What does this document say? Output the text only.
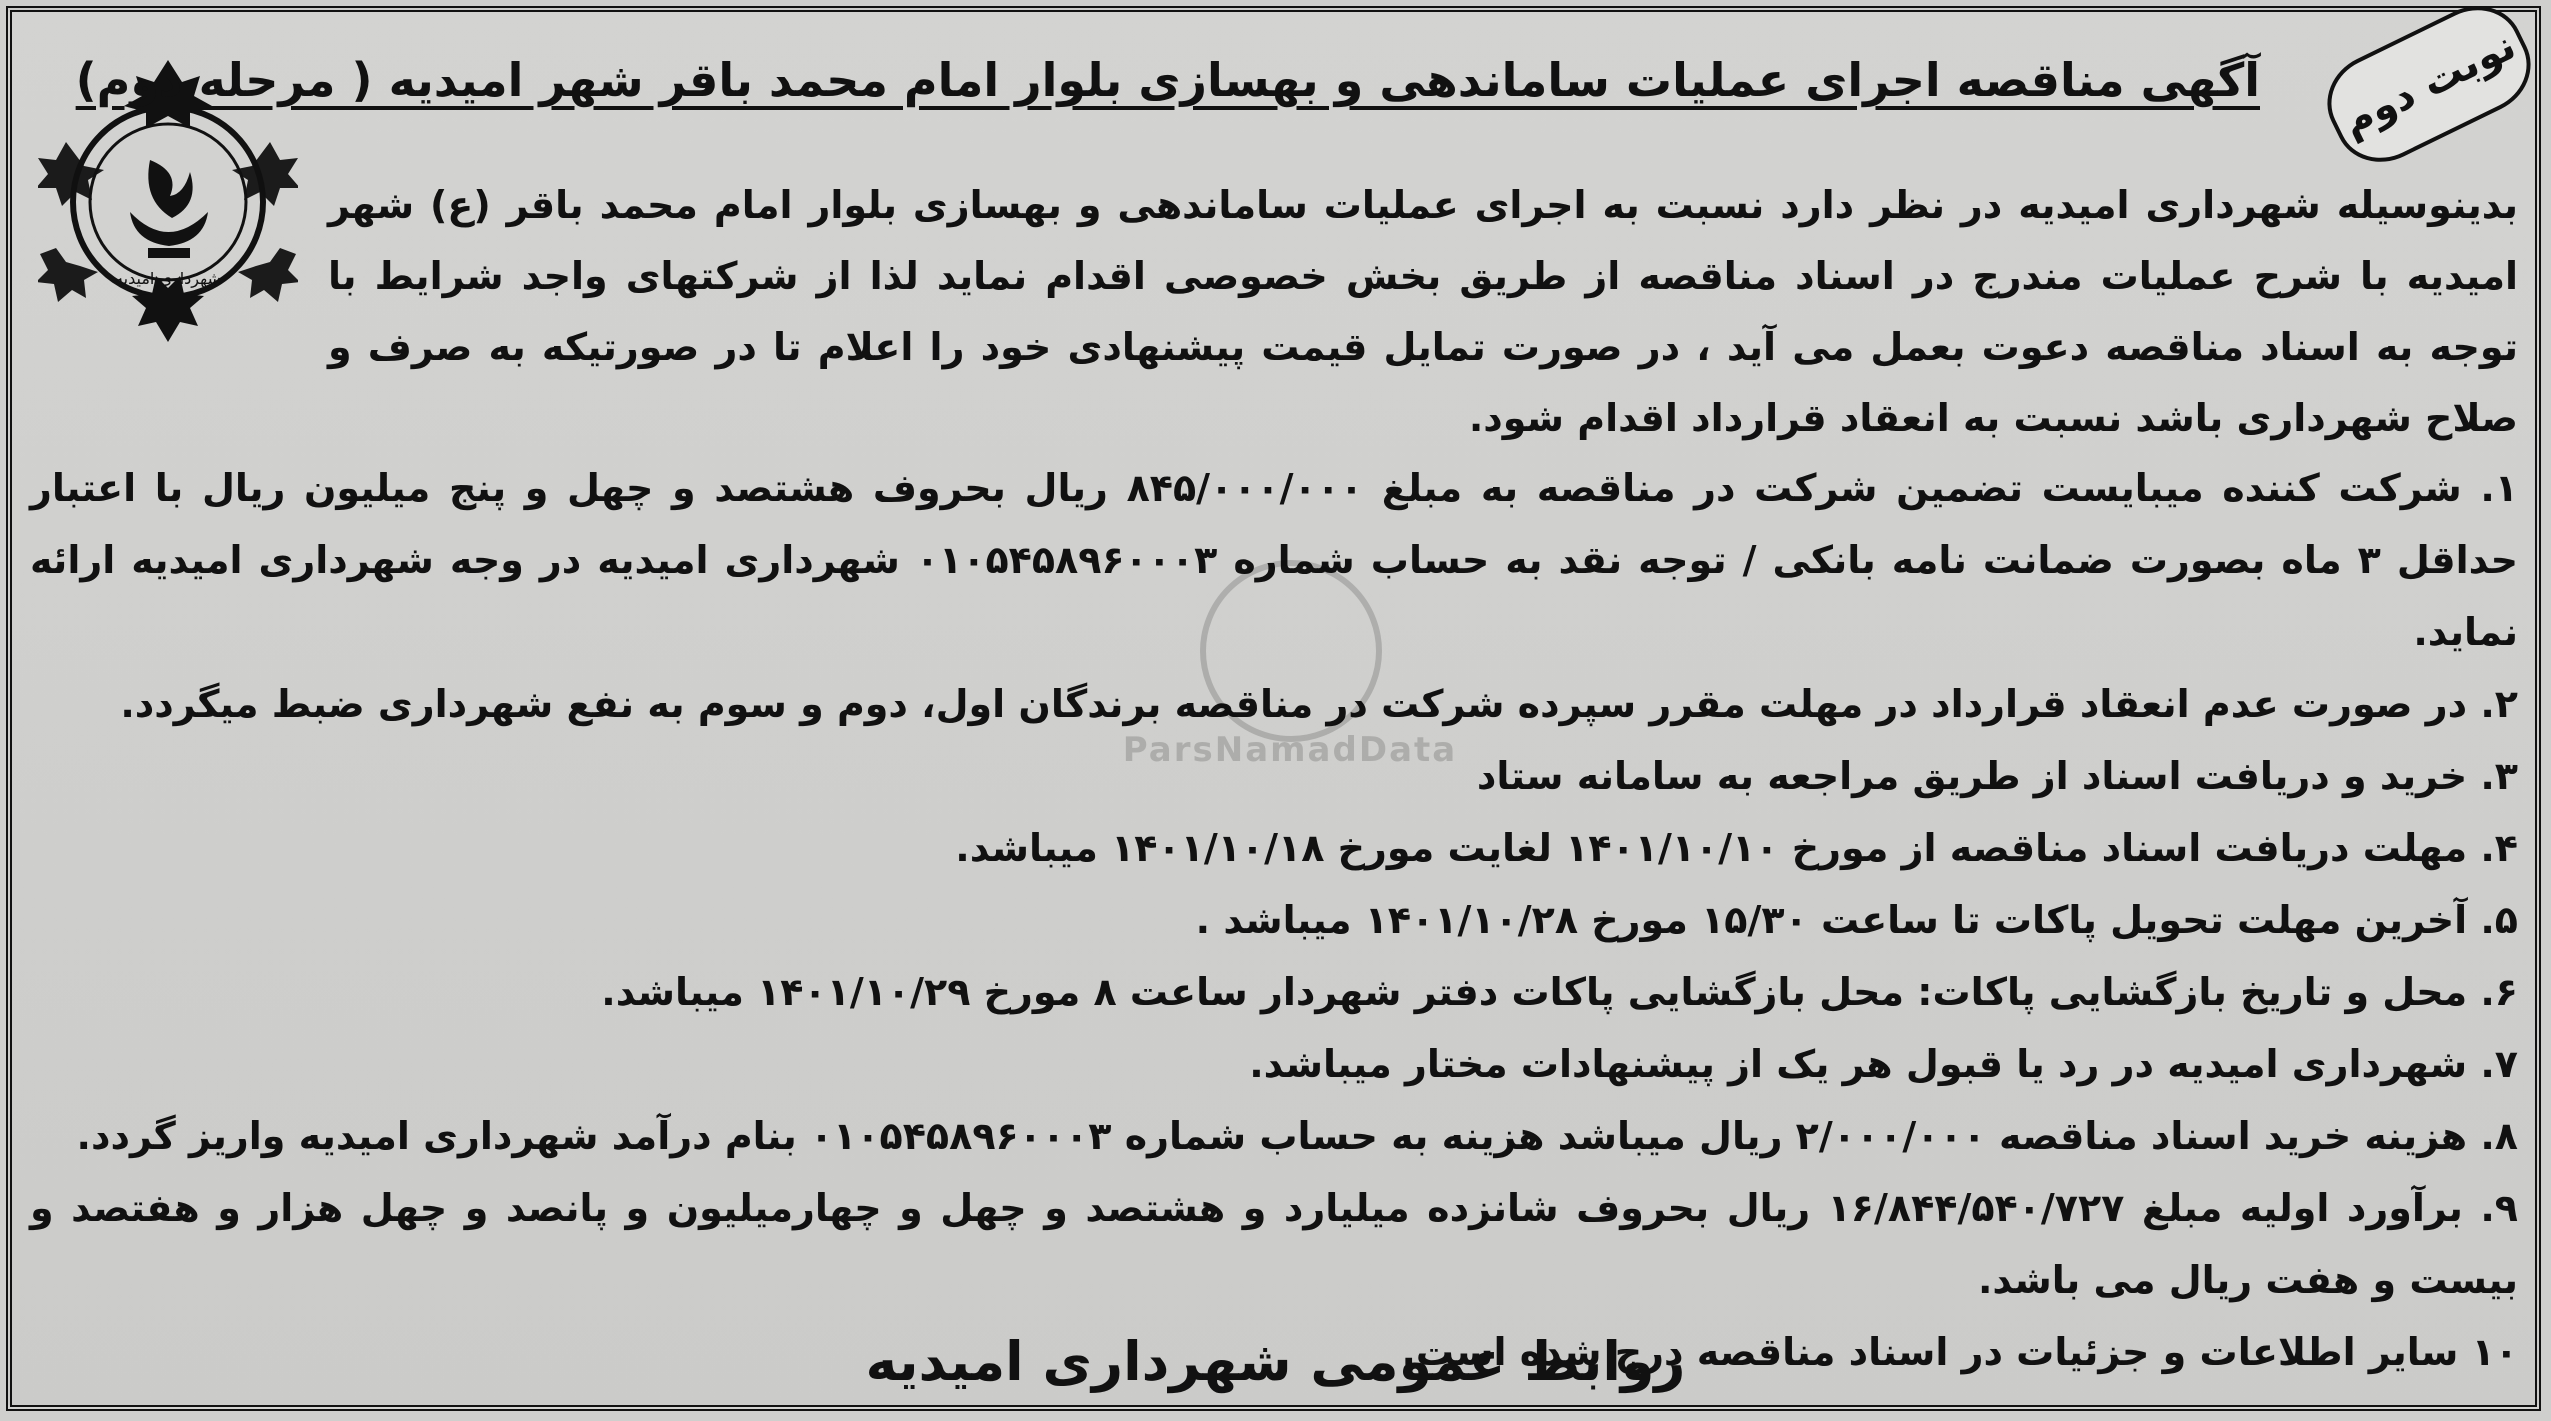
شهرداری امیدیه
نوبت دوم
آگهی مناقصه اجرای عملیات ساماندهی و بهسازی بلوار امام محمد باقر شهر امیدیه ( مرحله دوم)
بدینوسیله شهرداری امیدیه در نظر دارد نسبت به اجرای عملیات ساماندهی و بهسازی بلوار امام محمد باقر (ع) شهر امیدیه با شرح عملیات مندرج در اسناد مناقصه از طریق بخش خصوصی اقدام نماید لذا از شرکتهای واجد شرایط با توجه به اسناد مناقصه دعوت بعمل می آید ، در صورت تمایل قیمت پیشنهادی خود را اعلام تا در صورتیکه به صرف و صلاح شهرداری باشد نسبت به انعقاد قرارداد اقدام شود.
۱. شرکت کننده میبایست تضمین شرکت در مناقصه به مبلغ ۸۴۵/۰۰۰/۰۰۰ ریال بحروف هشتصد و چهل و پنج میلیون ریال با اعتبار حداقل ۳ ماه بصورت ضمانت نامه بانکی / توجه نقد به حساب شماره ۰۱۰۵۴۵۸۹۶۰۰۰۳ شهرداری امیدیه در وجه شهرداری امیدیه ارائه نماید.
۲. در صورت عدم انعقاد قرارداد در مهلت مقرر سپرده شرکت در مناقصه برندگان اول، دوم و سوم به نفع شهرداری ضبط میگردد.
۳. خرید و دریافت اسناد از طریق مراجعه به سامانه ستاد
۴. مهلت دریافت اسناد مناقصه از مورخ ۱۴۰۱/۱۰/۱۰ لغایت مورخ ۱۴۰۱/۱۰/۱۸ میباشد.
۵. آخرین مهلت تحویل پاکات تا ساعت ۱۵/۳۰ مورخ ۱۴۰۱/۱۰/۲۸ میباشد .
۶. محل و تاریخ بازگشایی پاکات: محل بازگشایی پاکات دفتر شهردار ساعت ۸ مورخ ۱۴۰۱/۱۰/۲۹ میباشد.
۷. شهرداری امیدیه در رد یا قبول هر یک از پیشنهادات مختار میباشد.
۸. هزینه خرید اسناد مناقصه ۲/۰۰۰/۰۰۰ ریال میباشد هزینه به حساب شماره ۰۱۰۵۴۵۸۹۶۰۰۰۳ بنام درآمد شهرداری امیدیه واریز گردد.
۹. برآورد اولیه مبلغ ۱۶/۸۴۴/۵۴۰/۷۲۷ ریال بحروف شانزده میلیارد و هشتصد و چهل و چهارمیلیون و پانصد و چهل هزار و هفتصد و بیست و هفت ریال می باشد.
۱۰ سایر اطلاعات و جزئیات در اسناد مناقصه درج شده است.
روابط عمومی شهرداری امیدیه
